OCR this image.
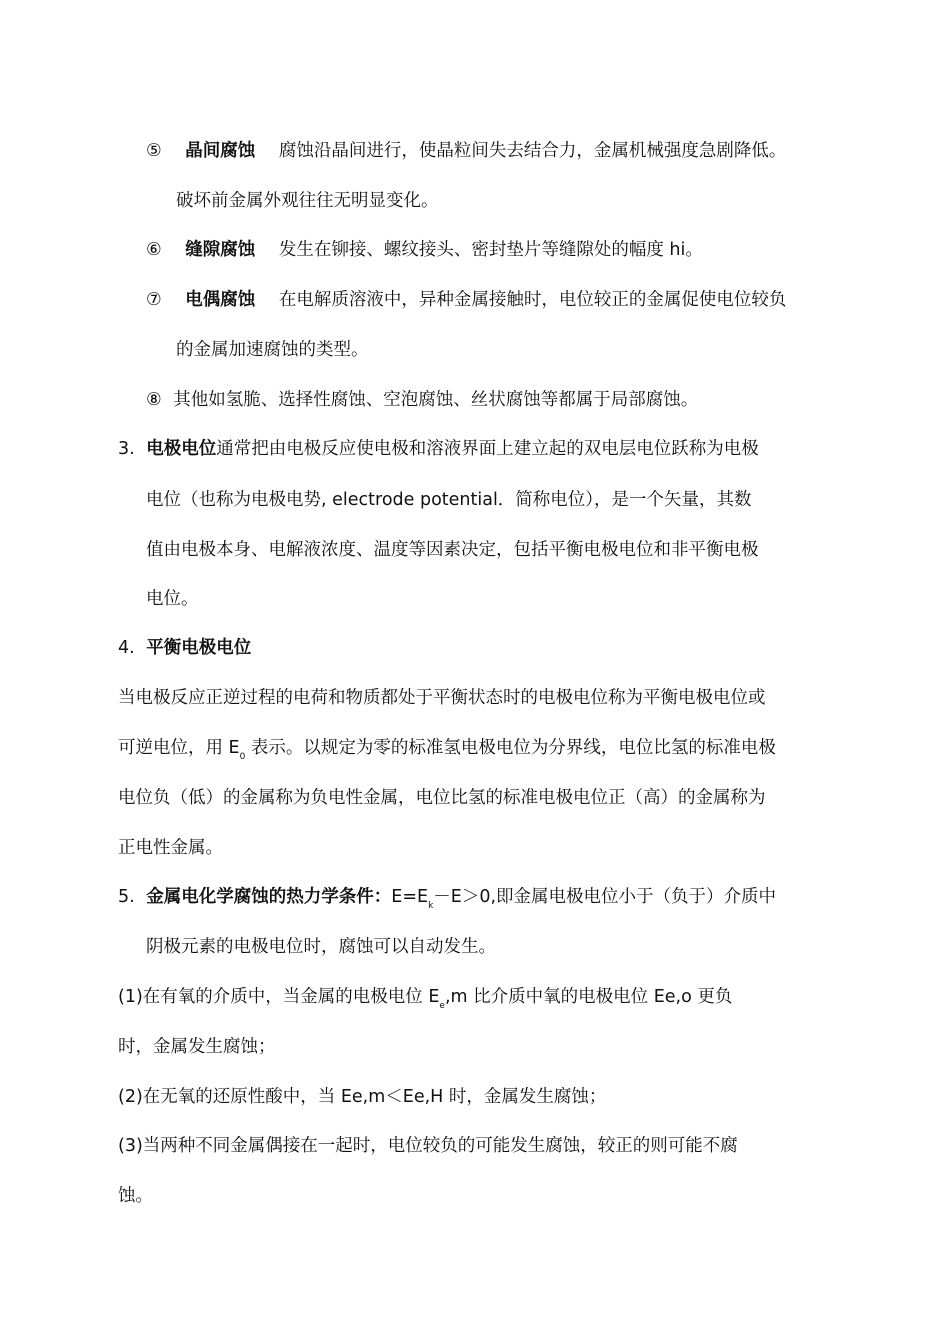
⑤ 晶间腐蚀 腐蚀沿晶间进行，使晶粒间失去结合力，金属机械强度急剧降低。
破坏前金属外观往往无明显变化。
⑥ 缝隙腐蚀 发生在铆接、螺纹接头、密封垫片等缝隙处的幅度 hi。
⑦ 电偶腐蚀 在电解质溶液中，异种金属接触时，电位较正的金属促使电位较负
的金属加速腐蚀的类型。
⑧ 其他如氢脆、选择性腐蚀、空泡腐蚀、丝状腐蚀等都属于局部腐蚀。
3. 电极电位通常把由电极反应使电极和溶液界面上建立起的双电层电位跃称为电极
电位（也称为电极电势, electrode potential．简称电位），是一个矢量，其数
值由电极本身、电解液浓度、温度等因素决定，包括平衡电极电位和非平衡电极
电位。
4. 平衡电极电位
当电极反应正逆过程的电荷和物质都处于平衡状态时的电极电位称为平衡电极电位或
可逆电位，用 $E_0$ 表示。以规定为零的标准氢电极电位为分界线，电位比氢的标准电极
电位负（低）的金属称为负电性金属，电位比氢的标准电极电位正（高）的金属称为
正电性金属。
5. 金属电化学腐蚀的热力学条件：$E=E_k-E>0$,即金属电极电位小于（负于）介质中
阴极元素的电极电位时，腐蚀可以自动发生。
(1)在有氧的介质中，当金属的电极电位 $E_e,m$ 比介质中氧的电极电位 Ee,o 更负
时，金属发生腐蚀；
(2)在无氧的还原性酸中，当 Ee,m＜Ee,H 时，金属发生腐蚀；
(3)当两种不同金属偶接在一起时，电位较负的可能发生腐蚀，较正的则可能不腐
蚀。
